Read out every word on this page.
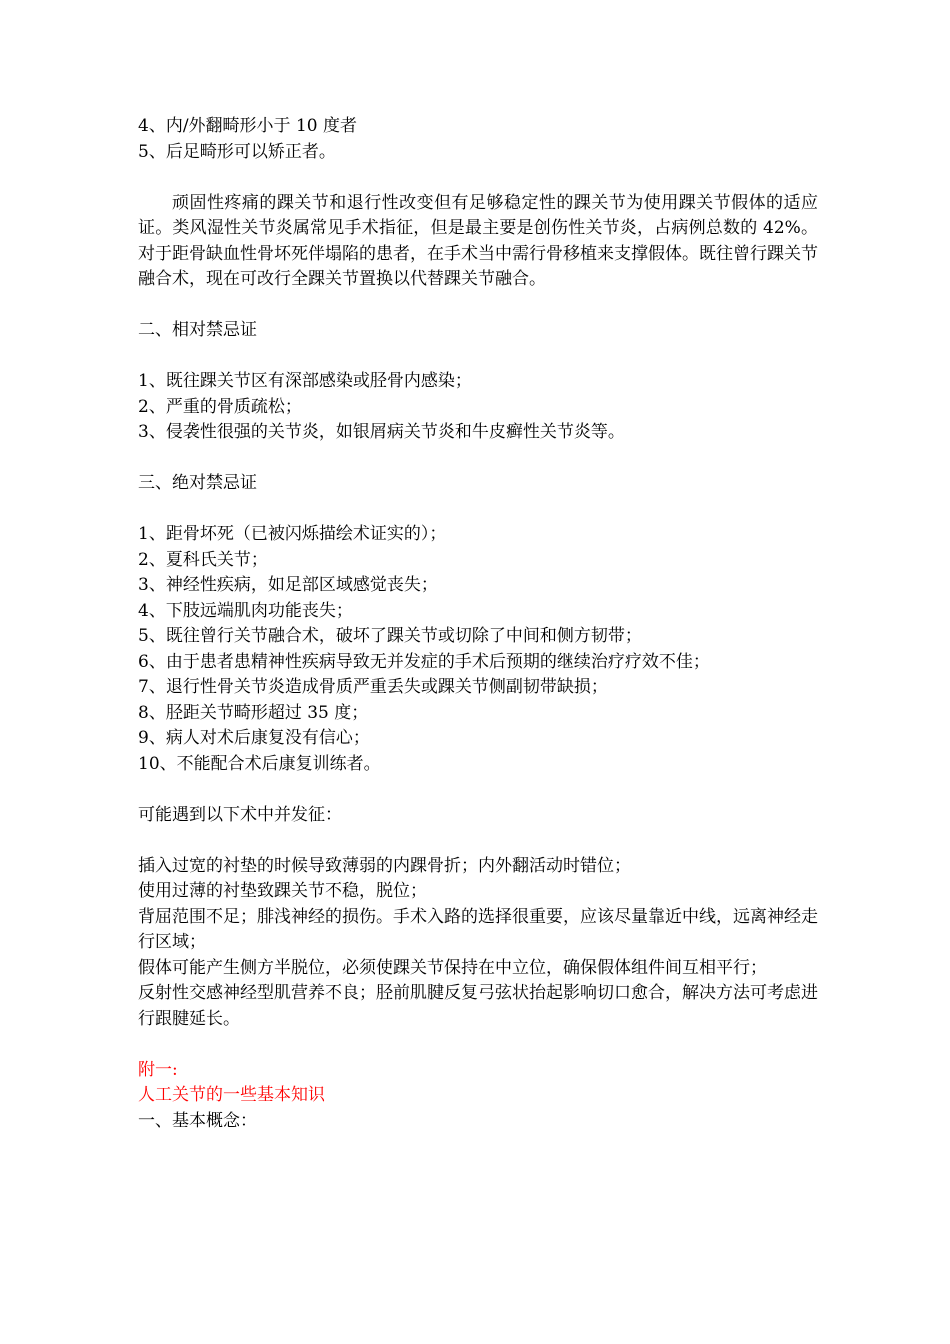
4、内/外翻畸形小于 10 度者

5、后足畸形可以矫正者。

顽固性疼痛的踝关节和退行性改变但有足够稳定性的踝关节为使用踝关节假体的适应证。类风湿性关节炎属常见手术指征，但是最主要是创伤性关节炎，占病例总数的 42%。对于距骨缺血性骨坏死伴塌陷的患者，在手术当中需行骨移植来支撑假体。既往曾行踝关节融合术，现在可改行全踝关节置换以代替踝关节融合。

二、相对禁忌证

1、既往踝关节区有深部感染或胫骨内感染；

2、严重的骨质疏松；

3、侵袭性很强的关节炎，如银屑病关节炎和牛皮癣性关节炎等。

三、绝对禁忌证

1、距骨坏死（已被闪烁描绘术证实的）；

2、夏科氏关节；

3、神经性疾病，如足部区域感觉丧失；

4、下肢远端肌肉功能丧失；

5、既往曾行关节融合术，破坏了踝关节或切除了中间和侧方韧带；

6、由于患者患精神性疾病导致无并发症的手术后预期的继续治疗疗效不佳；

7、退行性骨关节炎造成骨质严重丢失或踝关节侧副韧带缺损；

8、胫距关节畸形超过 35 度；

9、病人对术后康复没有信心；

10、不能配合术后康复训练者。

可能遇到以下术中并发征：

插入过宽的衬垫的时候导致薄弱的内踝骨折；内外翻活动时错位；

使用过薄的衬垫致踝关节不稳，脱位；

背屈范围不足；腓浅神经的损伤。手术入路的选择很重要，应该尽量靠近中线，远离神经走行区域；

假体可能产生侧方半脱位，必须使踝关节保持在中立位，确保假体组件间互相平行；

反射性交感神经型肌营养不良；胫前肌腱反复弓弦状抬起影响切口愈合，解决方法可考虑进行跟腱延长。

附一:

人工关节的一些基本知识

一、基本概念：
